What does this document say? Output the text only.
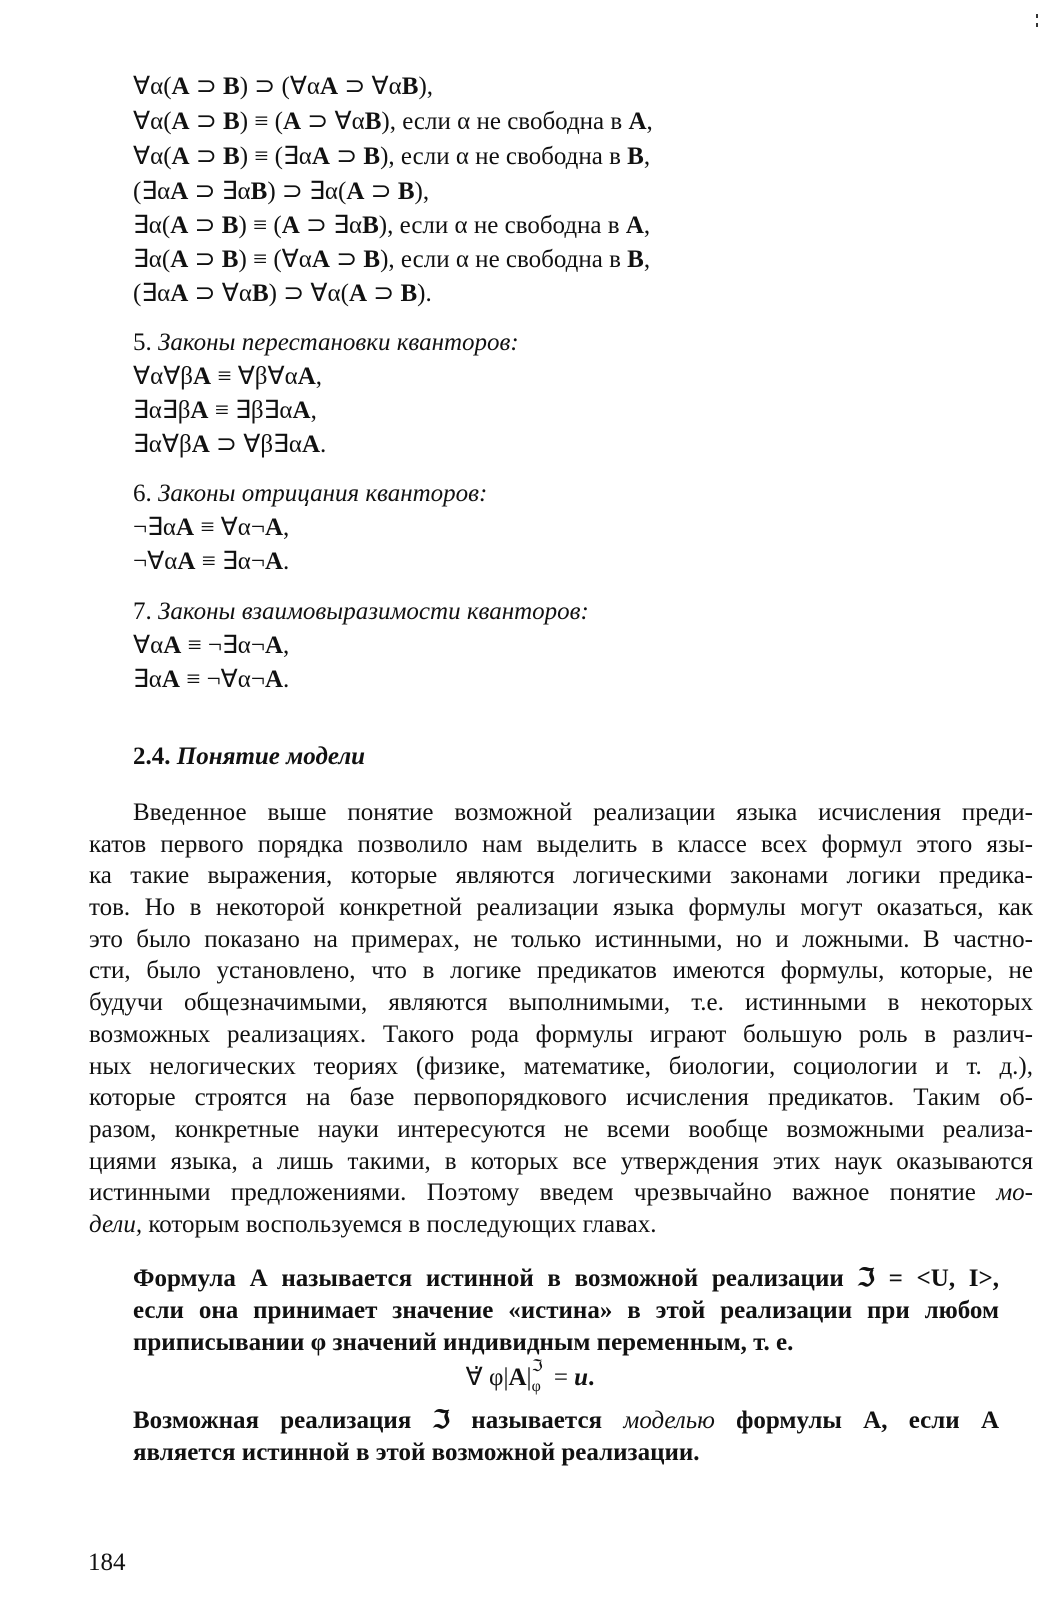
∀α(A ⊃ B) ⊃ (∀αA ⊃ ∀αB),
∀α(A ⊃ B) ≡ (A ⊃ ∀αB), если α не свободна в A,
∀α(A ⊃ B) ≡ (∃αA ⊃ B), если α не свободна в B,
(∃αA ⊃ ∃αB) ⊃ ∃α(A ⊃ B),
∃α(A ⊃ B) ≡ (A ⊃ ∃αB), если α не свободна в A,
∃α(A ⊃ B) ≡ (∀αA ⊃ B), если α не свободна в B,
(∃αA ⊃ ∀αB) ⊃ ∀α(A ⊃ B).
5. Законы перестановки кванторов:
∀α∀βA ≡ ∀β∀αA,
∃α∃βA ≡ ∃β∃αA,
∃α∀βA ⊃ ∀β∃αA.
6. Законы отрицания кванторов:
¬∃αA ≡ ∀α¬A,
¬∀αA ≡ ∃α¬A.
7. Законы взаимовыразимости кванторов:
∀αA ≡ ¬∃α¬A,
∃αA ≡ ¬∀α¬A.
2.4. Понятие модели
Введенное выше понятие возможной реализации языка исчисления преди-
катов первого порядка позволило нам выделить в классе всех формул этого язы-
ка такие выражения, которые являются логическими законами логики предика-
тов. Но в некоторой конкретной реализации языка формулы могут оказаться, как
это было показано на примерах, не только истинными, но и ложными. В частно-
сти, было установлено, что в логике предикатов имеются формулы, которые, не
будучи общезначимыми, являются выполнимыми, т.е. истинными в некоторых
возможных реализациях. Такого рода формулы играют большую роль в различ-
ных нелогических теориях (физике, математике, биологии, социологии и т. д.),
которые строятся на базе первопорядкового исчисления предикатов. Таким об-
разом, конкретные науки интересуются не всеми вообще возможными реализа-
циями языка, а лишь такими, в которых все утверждения этих наук оказываются
истинными предложениями. Поэтому введем чрезвычайно важное понятие мо-
дели, которым воспользуемся в последующих главах.
Формула А называется истинной в возможной реализации ℑ = <U, I>,
если она принимает значение «истина» в этой реализации при любом
приписывании φ значений индивидным переменным, т. е.
∀̇ φ|A| ℑ
φ = u.
Возможная реализация ℑ называется моделью формулы А, если А
является истинной в этой возможной реализации.
184
